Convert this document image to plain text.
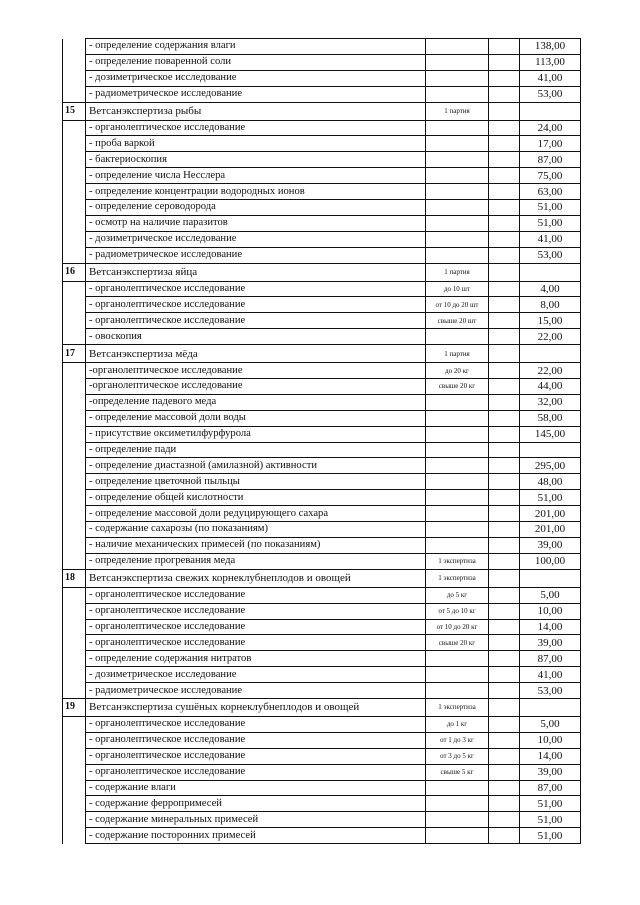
	- определение содержания влаги			138,00
	- определение поваренной соли			113,00
	- дозиметрическое исследование			41,00
	- радиометрическое исследование			53,00
15	Ветсанэкспертиза рыбы	1 партия		
	- органолептическое исследование			24,00
	- проба варкой			17,00
	- бактериоскопия			87,00
	- определение числа Несслера			75,00
	- определение концентрации водородных ионов			63,00
	- определение сероводорода			51,00
	- осмотр на наличие паразитов			51,00
	- дозиметрическое исследование			41,00
	- радиометрическое исследование			53,00
16	Ветсанэкспертиза яйца	1 партия		
	- органолептическое исследование	до 10 шт		4,00
	- органолептическое исследование	от 10 до 20 шт		8,00
	- органолептическое исследование	свыше 20 шт		15,00
	- овоскопия			22,00
17	Ветсанэкспертиза мёда	1 партия		
	-органолептическое исследование	до 20 кг		22,00
	-органолептическое исследование	свыше 20 кг		44,00
	-определение падевого меда			32,00
	- определение массовой доли воды			58,00
	- присутствие оксиметилфурфурола			145,00
	- определение пади			
	- определение диастазной (амилазной) активности			295,00
	- определение цветочной пыльцы			48,00
	- определение общей кислотности			51,00
	- определение массовой доли редуцирующего сахара			201,00
	- содержание сахарозы (по показаниям)			201,00
	- наличие механических примесей (по показаниям)			39,00
	- определение прогревания меда	1 экспертиза		100,00
18	Ветсанэкспертиза свежих корнеклубнеплодов и овощей	1 экспертиза		
	- органолептическое исследование	до 5 кг		5,00
	- органолептическое исследование	от 5 до 10 кг		10,00
	- органолептическое исследование	от 10 до 20 кг		14,00
	- органолептическое исследование	свыше 20 кг		39,00
	- определение содержания нитратов			87,00
	- дозиметрическое исследование			41,00
	- радиометрическое исследование			53,00
19	Ветсанэкспертиза сушёных корнеклубнеплодов и овощей	1 экспертиза		
	- органолептическое исследование	до 1 кг		5,00
	- органолептическое исследование	от 1 до 3 кг		10,00
	- органолептическое исследование	от 3 до 5 кг		14,00
	- органолептическое исследование	свыше 5 кг		39,00
	- содержание влаги			87,00
	- содержание ферропримесей			51,00
	- содержание минеральных примесей			51,00
	- содержание посторонних примесей			51,00
